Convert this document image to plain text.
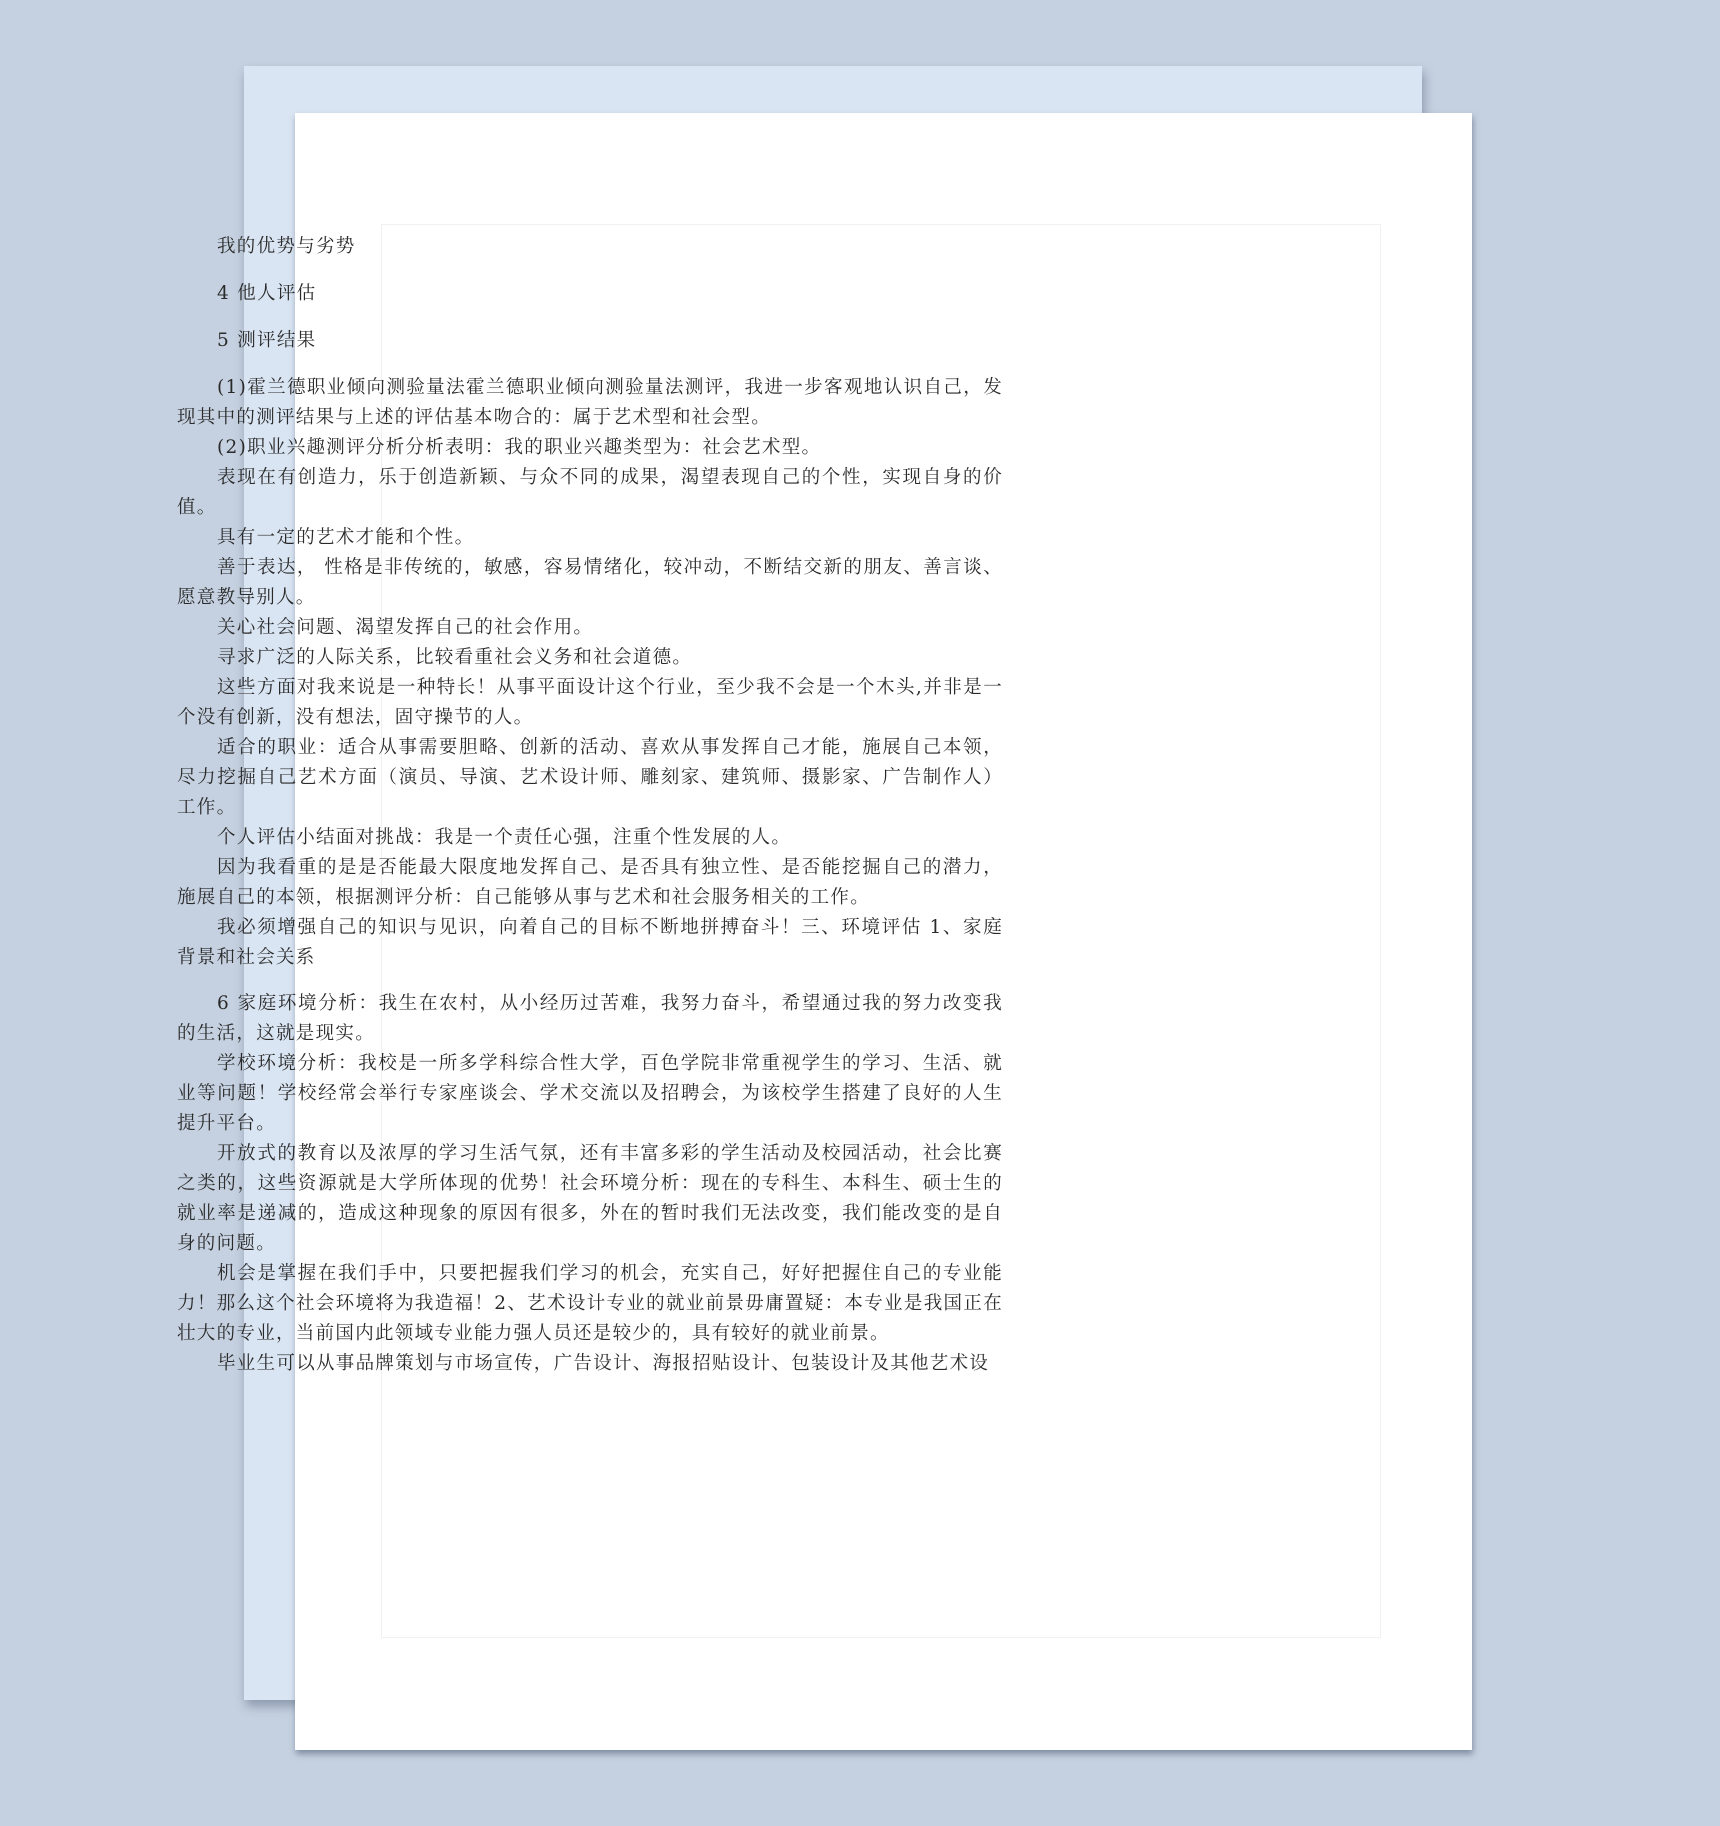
我的优势与劣势

4 他人评估

5 测评结果

(1)霍兰德职业倾向测验量法霍兰德职业倾向测验量法测评，我进一步客观地认识自己，发现其中的测评结果与上述的评估基本吻合的：属于艺术型和社会型。

(2)职业兴趣测评分析分析表明：我的职业兴趣类型为：社会艺术型。

表现在有创造力，乐于创造新颖、与众不同的成果，渴望表现自己的个性，实现自身的价值。

具有一定的艺术才能和个性。

善于表达， 性格是非传统的，敏感，容易情绪化，较冲动，不断结交新的朋友、善言谈、愿意教导别人。

关心社会问题、渴望发挥自己的社会作用。

寻求广泛的人际关系，比较看重社会义务和社会道德。

这些方面对我来说是一种特长！从事平面设计这个行业，至少我不会是一个木头,并非是一个没有创新，没有想法，固守操节的人。

适合的职业：适合从事需要胆略、创新的活动、喜欢从事发挥自己才能，施展自己本领，尽力挖掘自己艺术方面（演员、导演、艺术设计师、雕刻家、建筑师、摄影家、广告制作人）工作。

个人评估小结面对挑战：我是一个责任心强，注重个性发展的人。

因为我看重的是是否能最大限度地发挥自己、是否具有独立性、是否能挖掘自己的潜力，施展自己的本领，根据测评分析：自己能够从事与艺术和社会服务相关的工作。

我必须增强自己的知识与见识，向着自己的目标不断地拼搏奋斗！三、环境评估 1、家庭背景和社会关系

6 家庭环境分析：我生在农村，从小经历过苦难，我努力奋斗，希望通过我的努力改变我的生活，这就是现实。

学校环境分析：我校是一所多学科综合性大学，百色学院非常重视学生的学习、生活、就业等问题！学校经常会举行专家座谈会、学术交流以及招聘会，为该校学生搭建了良好的人生提升平台。

开放式的教育以及浓厚的学习生活气氛，还有丰富多彩的学生活动及校园活动，社会比赛之类的，这些资源就是大学所体现的优势！社会环境分析：现在的专科生、本科生、硕士生的就业率是递减的，造成这种现象的原因有很多，外在的暂时我们无法改变，我们能改变的是自身的问题。

机会是掌握在我们手中，只要把握我们学习的机会，充实自己，好好把握住自己的专业能力！那么这个社会环境将为我造福！2、艺术设计专业的就业前景毋庸置疑：本专业是我国正在壮大的专业，当前国内此领域专业能力强人员还是较少的，具有较好的就业前景。

毕业生可以从事品牌策划与市场宣传，广告设计、海报招贴设计、包装设计及其他艺术设
